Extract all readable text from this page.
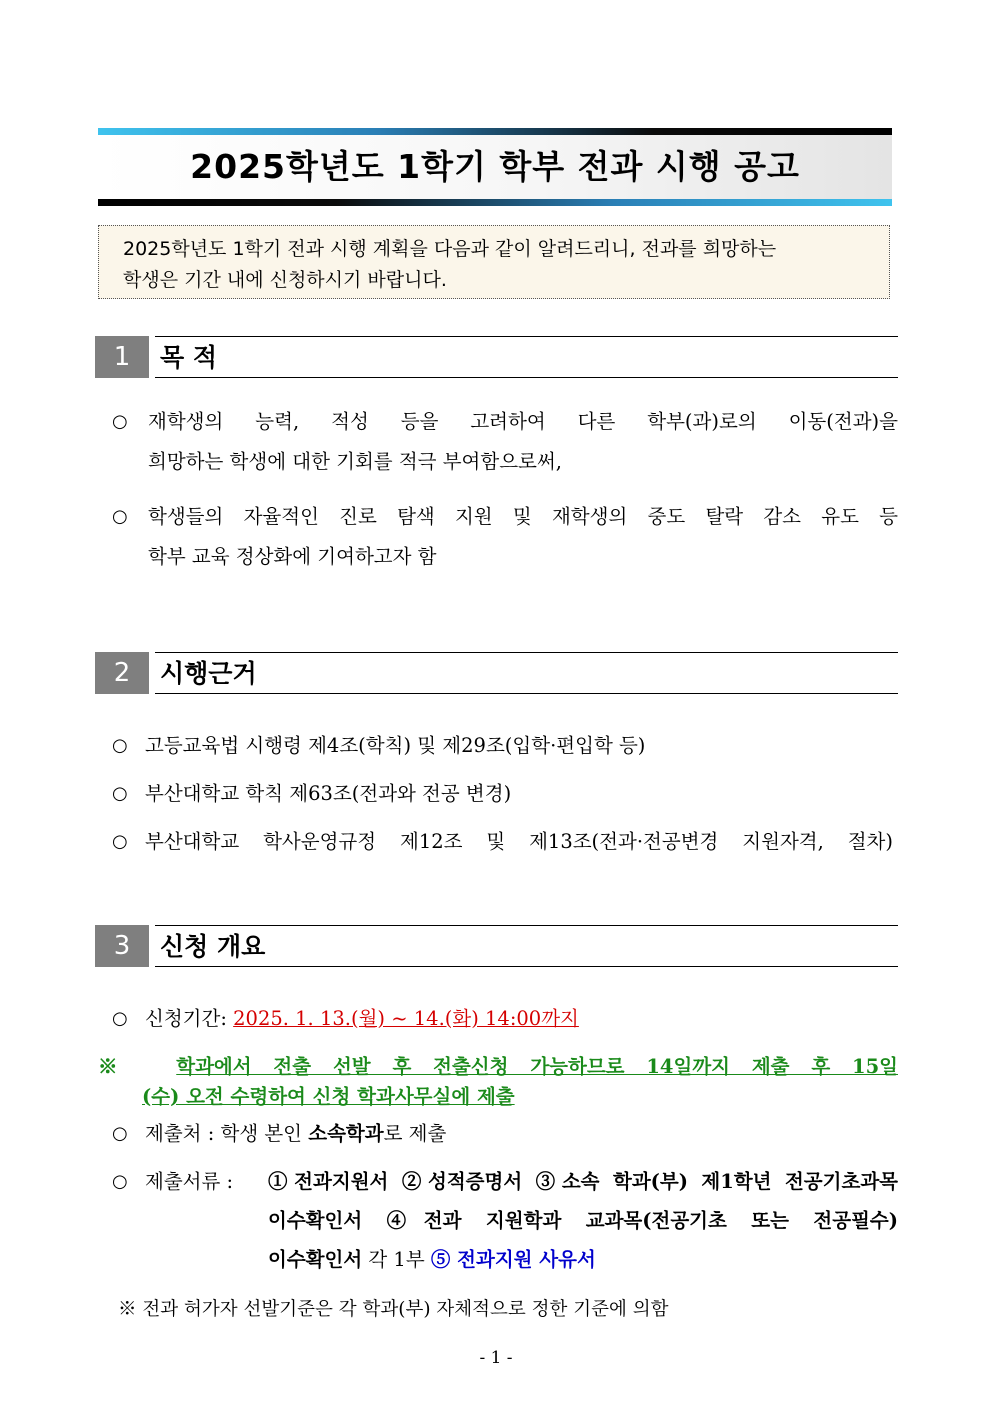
2025학년도 1학기 학부 전과 시행 공고
2025학년도 1학기 전과 시행 계획을 다음과 같이 알려드리니, 전과를 희망하는
학생은 기간 내에 신청하시기 바랍니다.
1	목 적
○ 재학생의 능력, 적성 등을 고려하여 다른 학부(과)로의 이동(전과)을
희망하는 학생에 대한 기회를 적극 부여함으로써,
○ 학생들의 자율적인 진로 탐색 지원 및 재학생의 중도 탈락 감소 유도 등
학부 교육 정상화에 기여하고자 함
2	시행근거
○ 고등교육법 시행령 제4조(학칙) 및 제29조(입학·편입학 등)
○ 부산대학교 학칙 제63조(전과와 전공 변경)
○ 부산대학교 학사운영규정 제12조 및 제13조(전과·전공변경 지원자격, 절차)
3	신청 개요
○ 신청기간: 2025. 1. 13.(월) ~ 14.(화) 14:00까지
※ 학과에서 전출 선발 후 전출신청 가능하므로 14일까지 제출 후 15일
(수) 오전 수령하여 신청 학과사무실에 제출
○ 제출처 : 학생 본인 소속학과로 제출
○ 제출서류 : ①전과지원서 ②성적증명서 ③소속 학과(부) 제1학년 전공기초과목
이수확인서 ④전과 지원학과 교과목(전공기초 또는 전공필수)
이수확인서 각 1부 ⑤ 전과지원 사유서
※ 전과 허가자 선발기준은 각 학과(부) 자체적으로 정한 기준에 의함
- 1 -
